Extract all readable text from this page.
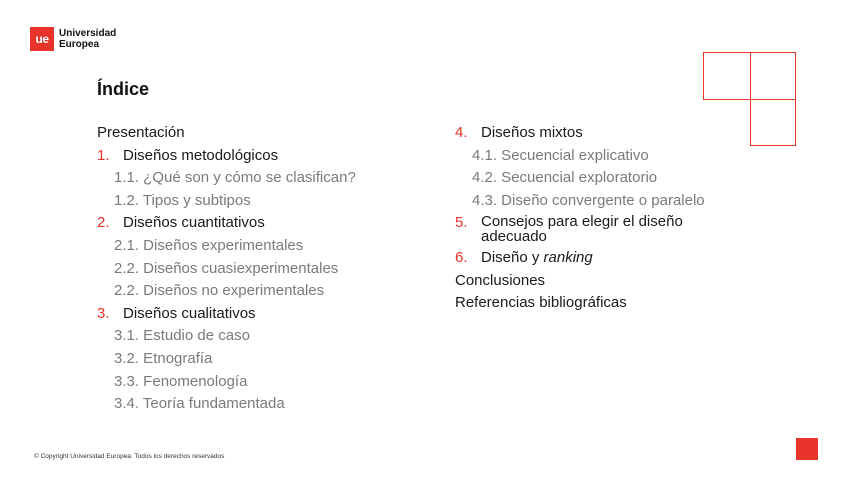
ue	Universidad
Europea
Índice
Presentación
1. Diseños metodológicos
1.1. ¿Qué son y cómo se clasifican?
1.2. Tipos y subtipos
2. Diseños cuantitativos
2.1. Diseños experimentales
2.2. Diseños cuasiexperimentales
2.2. Diseños no experimentales
3. Diseños cualitativos
3.1. Estudio de caso
3.2. Etnografía
3.3. Fenomenología
3.4. Teoría fundamentada
4. Diseños mixtos
4.1. Secuencial explicativo
4.2. Secuencial exploratorio
4.3. Diseño convergente o paralelo
5. Consejos para elegir el diseño adecuado
6. Diseño y ranking
Conclusiones
Referencias bibliográficas
© Copyright Universidad Europea. Todos los derechos reservados
